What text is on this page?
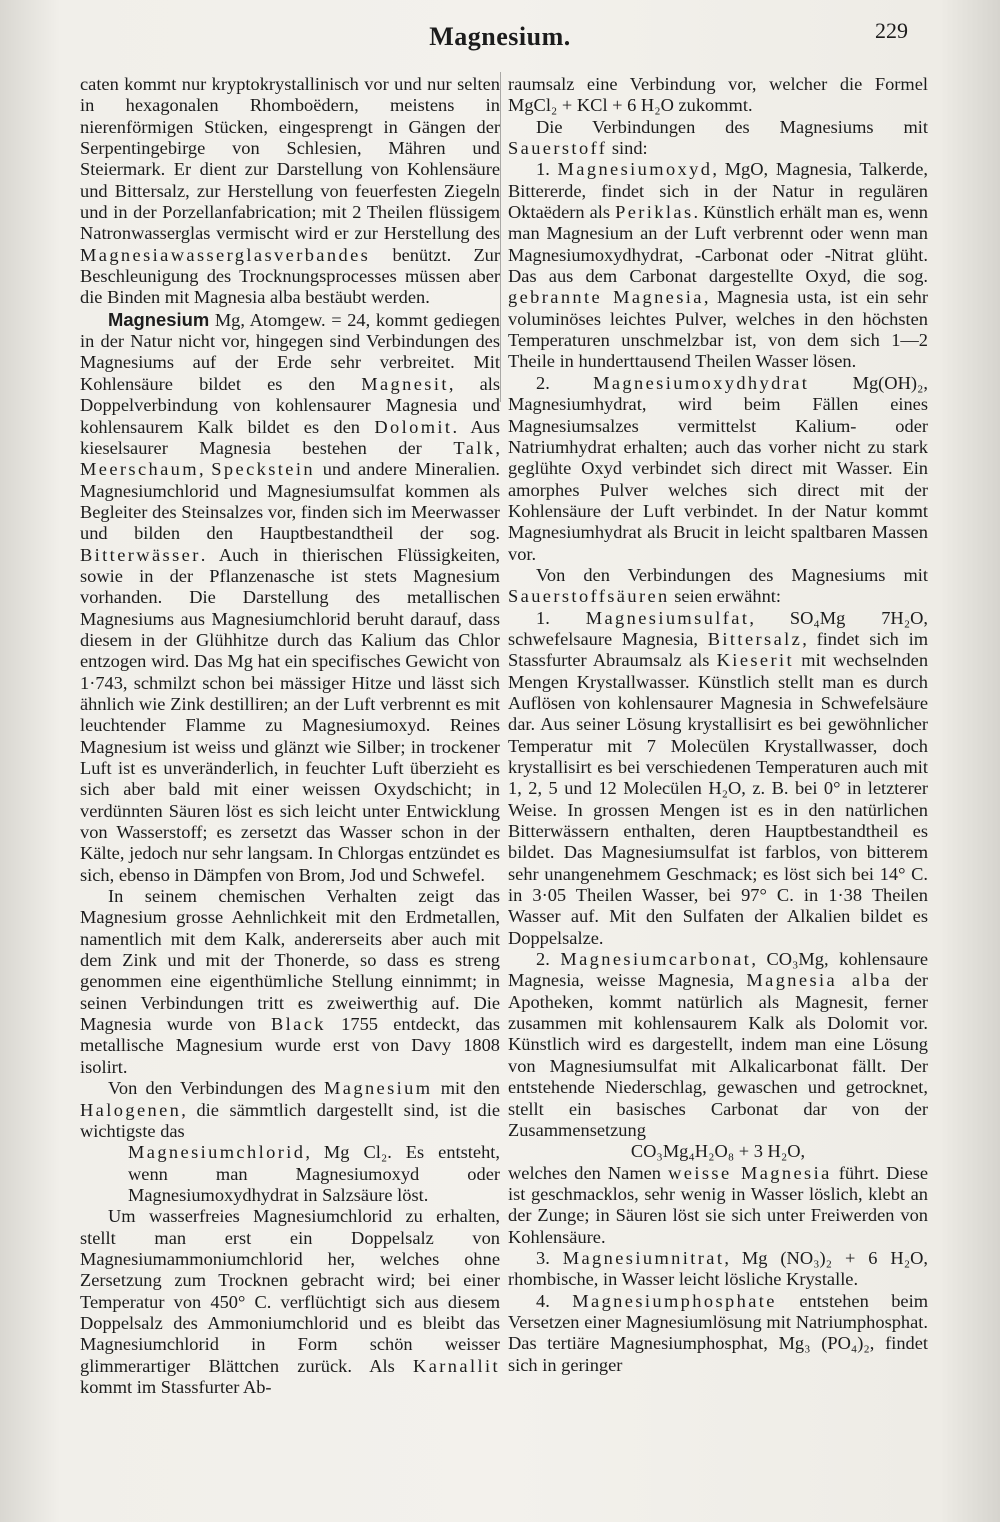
Magnesium.	229

caten kommt nur kryptokrystallinisch vor und nur selten in hexagonalen Rhomboëdern, meistens in nierenförmigen Stücken, eingesprengt in Gängen der Serpentingebirge von Schlesien, Mähren und Steiermark. Er dient zur Darstellung von Kohlensäure und Bittersalz, zur Herstellung von feuerfesten Ziegeln und in der Porzellanfabrication; mit 2 Theilen flüssigem Natronwasserglas vermischt wird er zur Herstellung des Magnesiawasserglasverbandes benützt. Zur Beschleunigung des Trocknungsprocesses müssen aber die Binden mit Magnesia alba bestäubt werden.

Magnesium Mg, Atomgew. = 24, kommt gediegen in der Natur nicht vor, hingegen sind Verbindungen des Magnesiums auf der Erde sehr verbreitet. Mit Kohlensäure bildet es den Magnesit, als Doppelverbindung von kohlensaurer Magnesia und kohlensaurem Kalk bildet es den Dolomit. Aus kieselsaurer Magnesia bestehen der Talk, Meerschaum, Speckstein und andere Mineralien. Magnesiumchlorid und Magnesiumsulfat kommen als Begleiter des Steinsalzes vor, finden sich im Meerwasser und bilden den Hauptbestandtheil der sog. Bitterwässer. Auch in thierischen Flüssigkeiten, sowie in der Pflanzenasche ist stets Magnesium vorhanden. Die Darstellung des metallischen Magnesiums aus Magnesiumchlorid beruht darauf, dass diesem in der Glühhitze durch das Kalium das Chlor entzogen wird. Das Mg hat ein specifisches Gewicht von 1·743, schmilzt schon bei mässiger Hitze und lässt sich ähnlich wie Zink destilliren; an der Luft verbrennt es mit leuchtender Flamme zu Magnesiumoxyd. Reines Magnesium ist weiss und glänzt wie Silber; in trockener Luft ist es unveränderlich, in feuchter Luft überzieht es sich aber bald mit einer weissen Oxydschicht; in verdünnten Säuren löst es sich leicht unter Entwicklung von Wasserstoff; es zersetzt das Wasser schon in der Kälte, jedoch nur sehr langsam. In Chlorgas entzündet es sich, ebenso in Dämpfen von Brom, Jod und Schwefel.

In seinem chemischen Verhalten zeigt das Magnesium grosse Aehnlichkeit mit den Erdmetallen, namentlich mit dem Kalk, andererseits aber auch mit dem Zink und mit der Thonerde, so dass es streng genommen eine eigenthümliche Stellung einnimmt; in seinen Verbindungen tritt es zweiwerthig auf. Die Magnesia wurde von Black 1755 entdeckt, das metallische Magnesium wurde erst von Davy 1808 isolirt.

Von den Verbindungen des Magnesium mit den Halogenen, die sämmtlich dargestellt sind, ist die wichtigste das

Magnesiumchlorid, Mg Cl₂. Es entsteht, wenn man Magnesiumoxyd oder Magnesiumoxydhydrat in Salzsäure löst.

Um wasserfreies Magnesiumchlorid zu erhalten, stellt man erst ein Doppelsalz von Magnesiumammoniumchlorid her, welches ohne Zersetzung zum Trocknen gebracht wird; bei einer Temperatur von 450° C. verflüchtigt sich aus diesem Doppelsalz des Ammoniumchlorid und es bleibt das Magnesiumchlorid in Form schön weisser glimmerartiger Blättchen zurück. Als Karnallit kommt im Stassfurter Ab-

raumsalz eine Verbindung vor, welcher die Formel MgCl₂ + KCl + 6 H₂O zukommt.

Die Verbindungen des Magnesiums mit Sauerstoff sind:

1. Magnesiumoxyd, MgO, Magnesia, Talkerde, Bittererde, findet sich in der Natur in regulären Oktaëdern als Periklas. Künstlich erhält man es, wenn man Magnesium an der Luft verbrennt oder wenn man Magnesiumoxydhydrat, -Carbonat oder -Nitrat glüht. Das aus dem Carbonat dargestellte Oxyd, die sog. gebrannte Magnesia, Magnesia usta, ist ein sehr voluminöses leichtes Pulver, welches in den höchsten Temperaturen unschmelzbar ist, von dem sich 1—2 Theile in hunderttausend Theilen Wasser lösen.

2. Magnesiumoxydhydrat Mg(OH)₂, Magnesiumhydrat, wird beim Fällen eines Magnesiumsalzes vermittelst Kalium- oder Natriumhydrat erhalten; auch das vorher nicht zu stark geglühte Oxyd verbindet sich direct mit Wasser. Ein amorphes Pulver welches sich direct mit der Kohlensäure der Luft verbindet. In der Natur kommt Magnesiumhydrat als Brucit in leicht spaltbaren Massen vor.

Von den Verbindungen des Magnesiums mit Sauerstoffsäuren seien erwähnt:

1. Magnesiumsulfat, SO₄Mg 7H₂O, schwefelsaure Magnesia, Bittersalz, findet sich im Stassfurter Abraumsalz als Kieserit mit wechselnden Mengen Krystallwasser. Künstlich stellt man es durch Auflösen von kohlensaurer Magnesia in Schwefelsäure dar. Aus seiner Lösung krystallisirt es bei gewöhnlicher Temperatur mit 7 Molecülen Krystallwasser, doch krystallisirt es bei verschiedenen Temperaturen auch mit 1, 2, 5 und 12 Molecülen H₂O, z. B. bei 0° in letzterer Weise. In grossen Mengen ist es in den natürlichen Bitterwässern enthalten, deren Hauptbestandtheil es bildet. Das Magnesiumsulfat ist farblos, von bitterem sehr unangenehmem Geschmack; es löst sich bei 14° C. in 3·05 Theilen Wasser, bei 97° C. in 1·38 Theilen Wasser auf. Mit den Sulfaten der Alkalien bildet es Doppelsalze.

2. Magnesiumcarbonat, CO₃Mg, kohlensaure Magnesia, weisse Magnesia, Magnesia alba der Apotheken, kommt natürlich als Magnesit, ferner zusammen mit kohlensaurem Kalk als Dolomit vor. Künstlich wird es dargestellt, indem man eine Lösung von Magnesiumsulfat mit Alkalicarbonat fällt. Der entstehende Niederschlag, gewaschen und getrocknet, stellt ein basisches Carbonat dar von der Zusammensetzung

CO₃Mg₄H₂O₈ + 3 H₂O,

welches den Namen weisse Magnesia führt. Diese ist geschmacklos, sehr wenig in Wasser löslich, klebt an der Zunge; in Säuren löst sie sich unter Freiwerden von Kohlensäure.

3. Magnesiumnitrat, Mg (NO₃)₂ + 6 H₂O, rhombische, in Wasser leicht lösliche Krystalle.

4. Magnesiumphosphate entstehen beim Versetzen einer Magnesiumlösung mit Natriumphosphat. Das tertiäre Magnesiumphosphat, Mg₃ (PO₄)₂, findet sich in geringer
